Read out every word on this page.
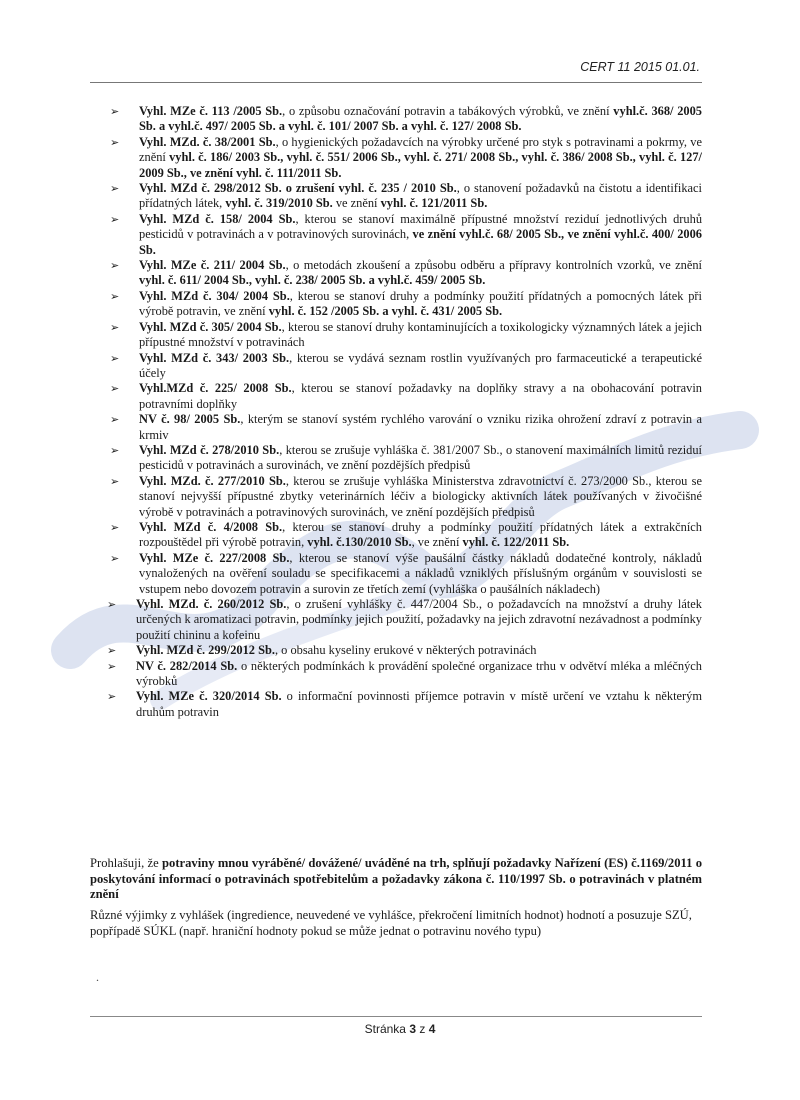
CERT 11 2015 01.01.
➢ Vyhl. MZe č. 113 /2005 Sb., o způsobu označování potravin a tabákových výrobků, ve znění vyhl.č. 368/ 2005 Sb. a vyhl.č. 497/ 2005 Sb. a vyhl. č. 101/ 2007 Sb. a vyhl. č. 127/ 2008 Sb.

➢ Vyhl. MZd. č. 38/2001 Sb., o hygienických požadavcích na výrobky určené pro styk s potravinami a pokrmy, ve znění vyhl. č. 186/ 2003 Sb., vyhl. č. 551/ 2006 Sb., vyhl. č. 271/ 2008 Sb., vyhl. č. 386/ 2008 Sb., vyhl. č. 127/ 2009 Sb., ve znění vyhl. č. 111/2011 Sb.

➢ Vyhl. MZd č. 298/2012 Sb. o zrušení vyhl. č. 235 / 2010 Sb., o stanovení požadavků na čistotu a identifikaci přídatných látek, vyhl. č. 319/2010 Sb. ve znění vyhl. č. 121/2011 Sb.

➢ Vyhl. MZd č. 158/ 2004 Sb., kterou se stanoví maximálně přípustné množství reziduí jednotlivých druhů pesticidů v potravinách a v potravinových surovinách, ve znění vyhl.č. 68/ 2005 Sb., ve znění vyhl.č. 400/ 2006 Sb.

➢ Vyhl. MZe č. 211/ 2004 Sb., o metodách zkoušení a způsobu odběru a přípravy kontrolních vzorků, ve znění vyhl. č. 611/ 2004 Sb., vyhl. č. 238/ 2005 Sb. a vyhl.č. 459/ 2005 Sb.

➢ Vyhl. MZd č. 304/ 2004 Sb., kterou se stanoví druhy a podmínky použití přídatných a pomocných látek při výrobě potravin, ve znění vyhl. č. 152 /2005 Sb. a vyhl. č. 431/ 2005 Sb.

➢ Vyhl. MZd č. 305/ 2004 Sb., kterou se stanoví druhy kontaminujících a toxikologicky významných látek a jejich přípustné množství v potravinách

➢ Vyhl. MZd č. 343/ 2003 Sb., kterou se vydává seznam rostlin využívaných pro farmaceutické a terapeutické účely

➢ Vyhl.MZd č. 225/ 2008 Sb., kterou se stanoví požadavky na doplňky stravy a na obohacování potravin potravními doplňky

➢ NV č. 98/ 2005 Sb., kterým se stanoví systém rychlého varování o vzniku rizika ohrožení zdraví z potravin a krmiv

➢ Vyhl. MZd č. 278/2010 Sb., kterou se zrušuje vyhláška č. 381/2007 Sb., o stanovení maximálních limitů reziduí pesticidů v potravinách a surovinách, ve znění pozdějších předpisů

➢ Vyhl. MZd. č. 277/2010 Sb., kterou se zrušuje vyhláška Ministerstva zdravotnictví č. 273/2000 Sb., kterou se stanoví nejvyšší přípustné zbytky veterinárních léčiv a biologicky aktivních látek používaných v živočišné výrobě v potravinách a potravinových surovinách, ve znění pozdějších předpisů

➢ Vyhl. MZd č. 4/2008 Sb., kterou se stanoví druhy a podmínky použití přídatných látek a extrakčních rozpouštědel při výrobě potravin, vyhl. č.130/2010 Sb., ve znění vyhl. č. 122/2011 Sb.

➢ Vyhl. MZe č. 227/2008 Sb., kterou se stanoví výše paušální částky nákladů dodatečné kontroly, nákladů vynaložených na ověření souladu se specifikacemi a nákladů vzniklých příslušným orgánům v souvislosti se vstupem nebo dovozem potravin a surovin ze třetích zemí (vyhláška o paušálních nákladech)

➢ Vyhl. MZd. č. 260/2012 Sb., o zrušení vyhlášky č. 447/2004 Sb., o požadavcích na množství a druhy látek určených k aromatizaci potravin, podmínky jejich použití, požadavky na jejich zdravotní nezávadnost a podmínky použití chininu a kofeinu

➢ Vyhl. MZd č. 299/2012 Sb., o obsahu kyseliny erukové v některých potravinách

➢ NV č. 282/2014 Sb. o některých podmínkách k provádění společné organizace trhu v odvětví mléka a mléčných výrobků

➢ Vyhl. MZe č. 320/2014 Sb. o informační povinnosti příjemce potravin v místě určení ve vztahu k některým druhům potravin

Prohlašuji, že potraviny mnou vyráběné/ dovážené/ uváděné na trh, splňují požadavky Nařízení (ES) č.1169/2011 o poskytování informací o potravinách spotřebitelům a požadavky zákona č. 110/1997 Sb. o potravinách v platném znění

Různé výjimky z vyhlášek (ingredience, neuvedené ve vyhlášce, překročení limitních hodnot) hodnotí a posuzuje SZÚ, popřípadě SÚKL (např. hraniční hodnoty pokud se může jednat o potravinu nového typu)

.
Stránka 3 z 4
